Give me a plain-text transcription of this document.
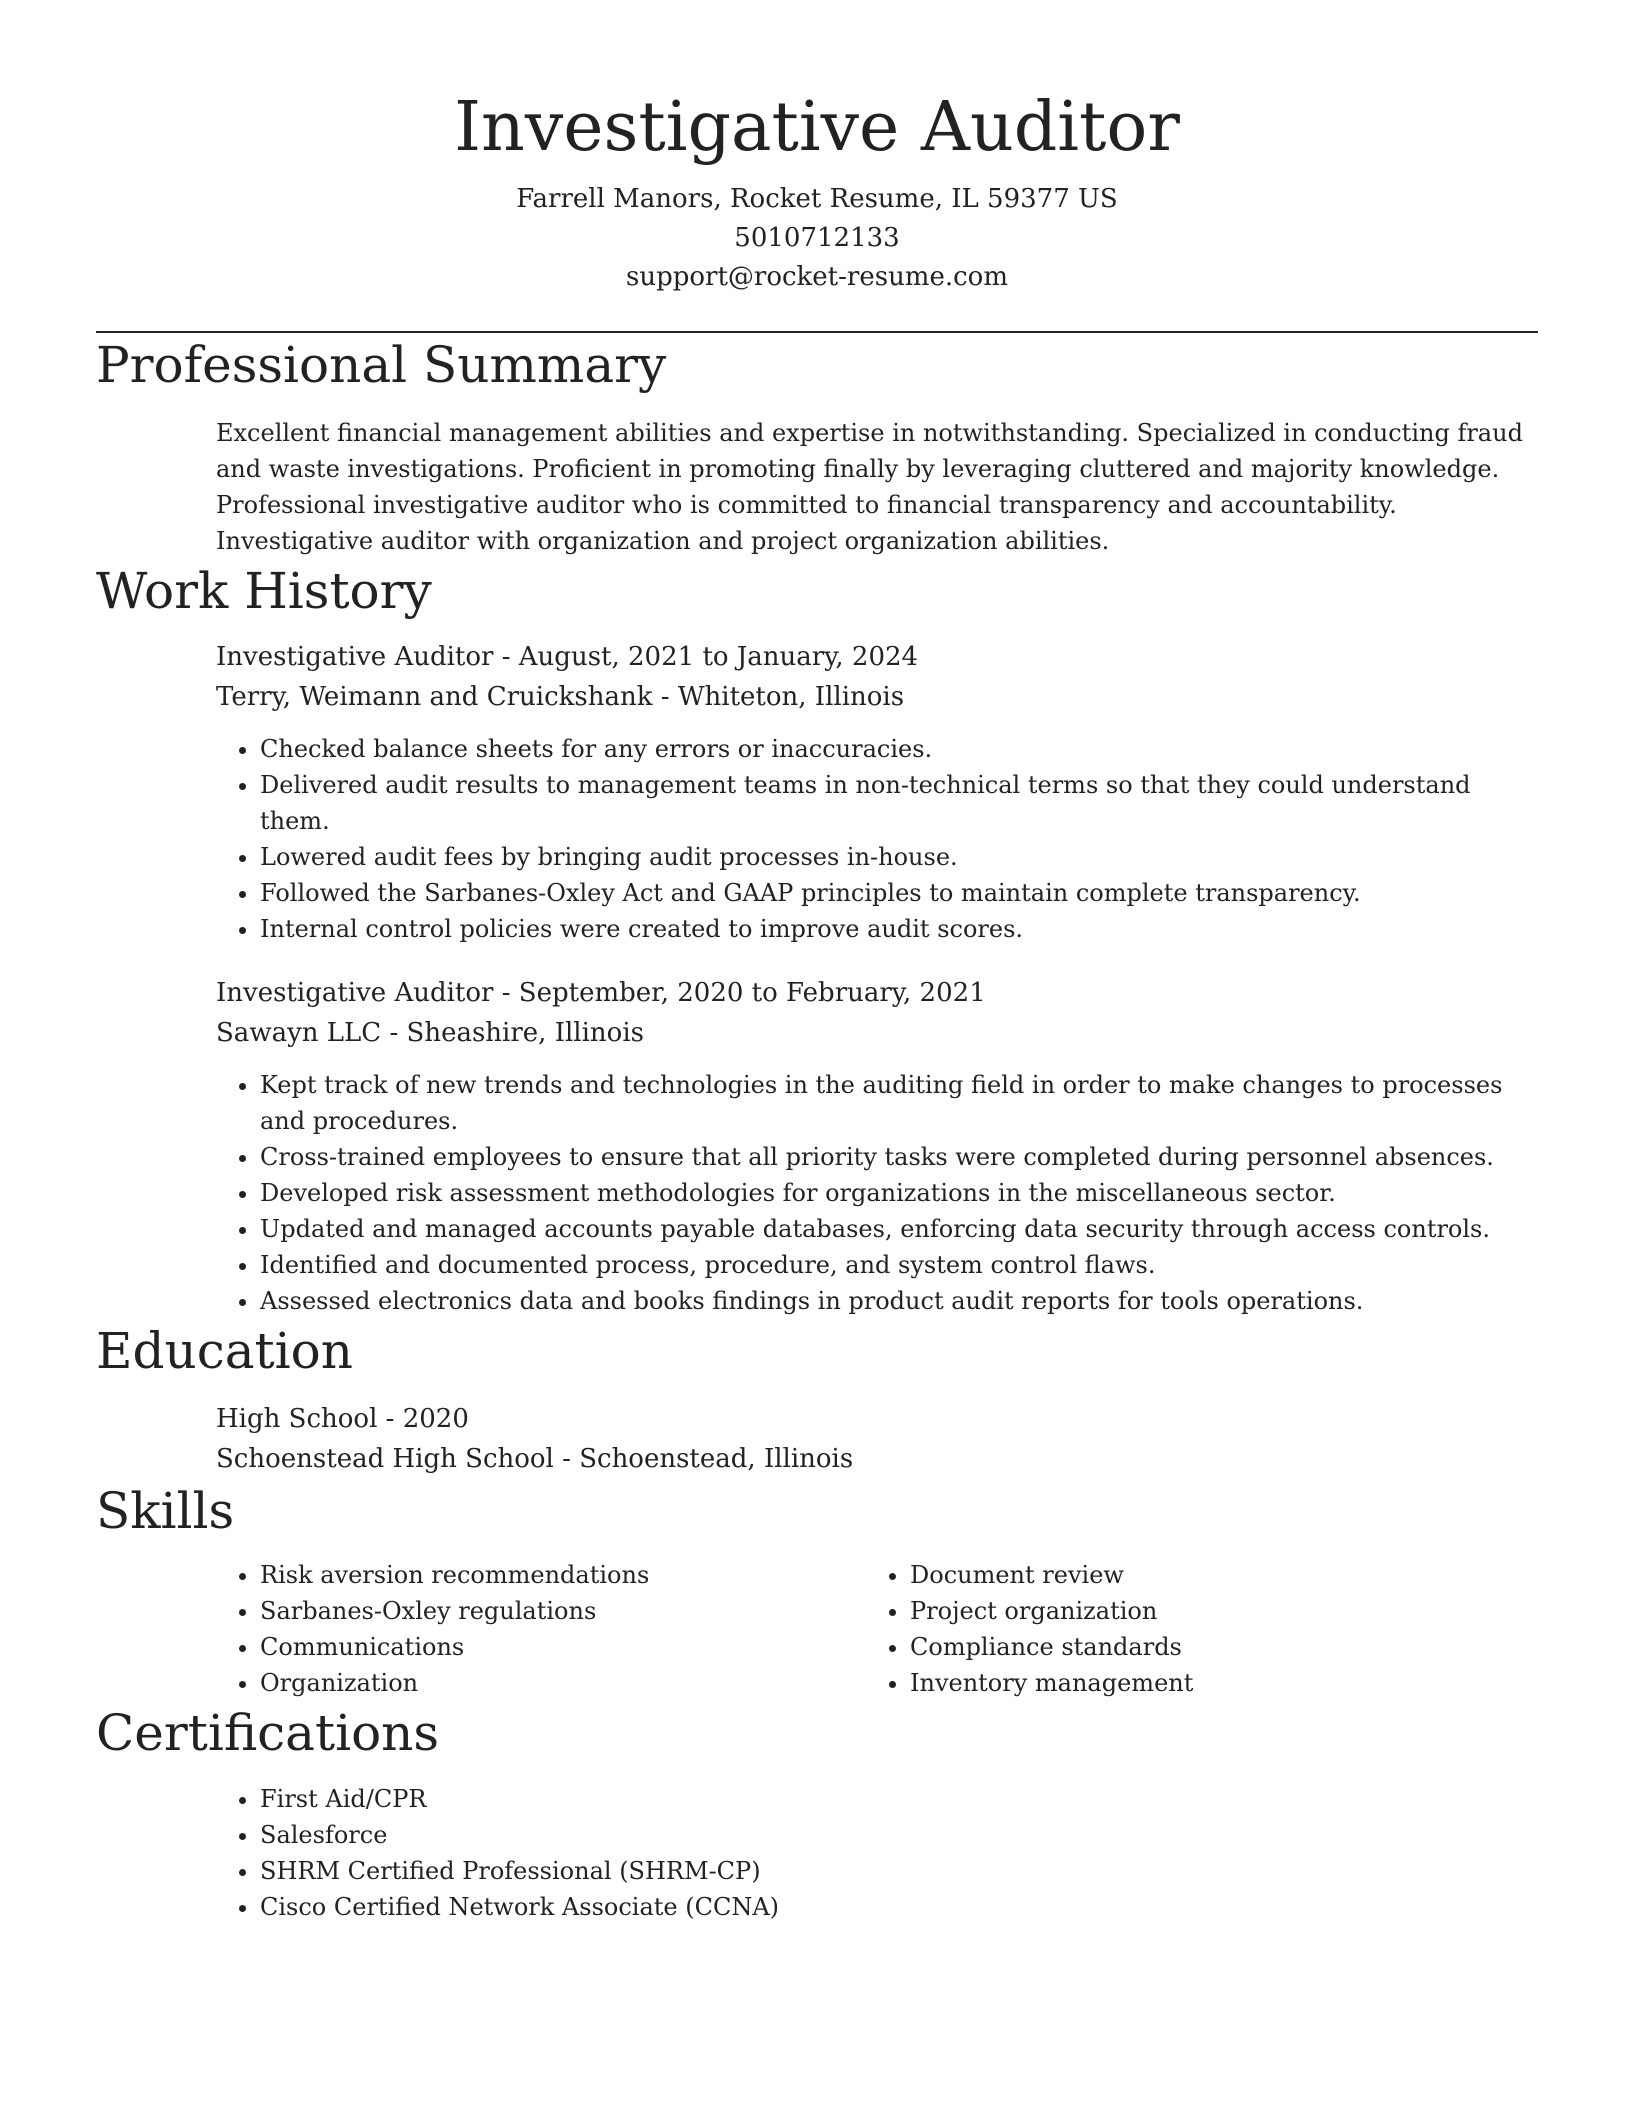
Investigative Auditor

Farrell Manors, Rocket Resume, IL 59377 US

5010712133

support@rocket-resume.com

Professional Summary
Excellent financial management abilities and expertise in notwithstanding. Specialized in conducting fraud and waste investigations. Proficient in promoting finally by leveraging cluttered and majority knowledge. Professional investigative auditor who is committed to financial transparency and accountability. Investigative auditor with organization and project organization abilities.
Work History
Investigative Auditor - August, 2021 to January, 2024
Terry, Weimann and Cruickshank - Whiteton, Illinois
• Checked balance sheets for any errors or inaccuracies.
• Delivered audit results to management teams in non-technical terms so that they could understand them.
• Lowered audit fees by bringing audit processes in-house.
• Followed the Sarbanes-Oxley Act and GAAP principles to maintain complete transparency.
• Internal control policies were created to improve audit scores.
Investigative Auditor - September, 2020 to February, 2021
Sawayn LLC - Sheashire, Illinois
• Kept track of new trends and technologies in the auditing field in order to make changes to processes and procedures.
• Cross-trained employees to ensure that all priority tasks were completed during personnel absences.
• Developed risk assessment methodologies for organizations in the miscellaneous sector.
• Updated and managed accounts payable databases, enforcing data security through access controls.
• Identified and documented process, procedure, and system control flaws.
• Assessed electronics data and books findings in product audit reports for tools operations.
Education
High School - 2020
Schoenstead High School - Schoenstead, Illinois
Skills
• Risk aversion recommendations
• Sarbanes-Oxley regulations
• Communications
• Organization
• Document review
• Project organization
• Compliance standards
• Inventory management
Certifications
• First Aid/CPR
• Salesforce
• SHRM Certified Professional (SHRM-CP)
• Cisco Certified Network Associate (CCNA)
